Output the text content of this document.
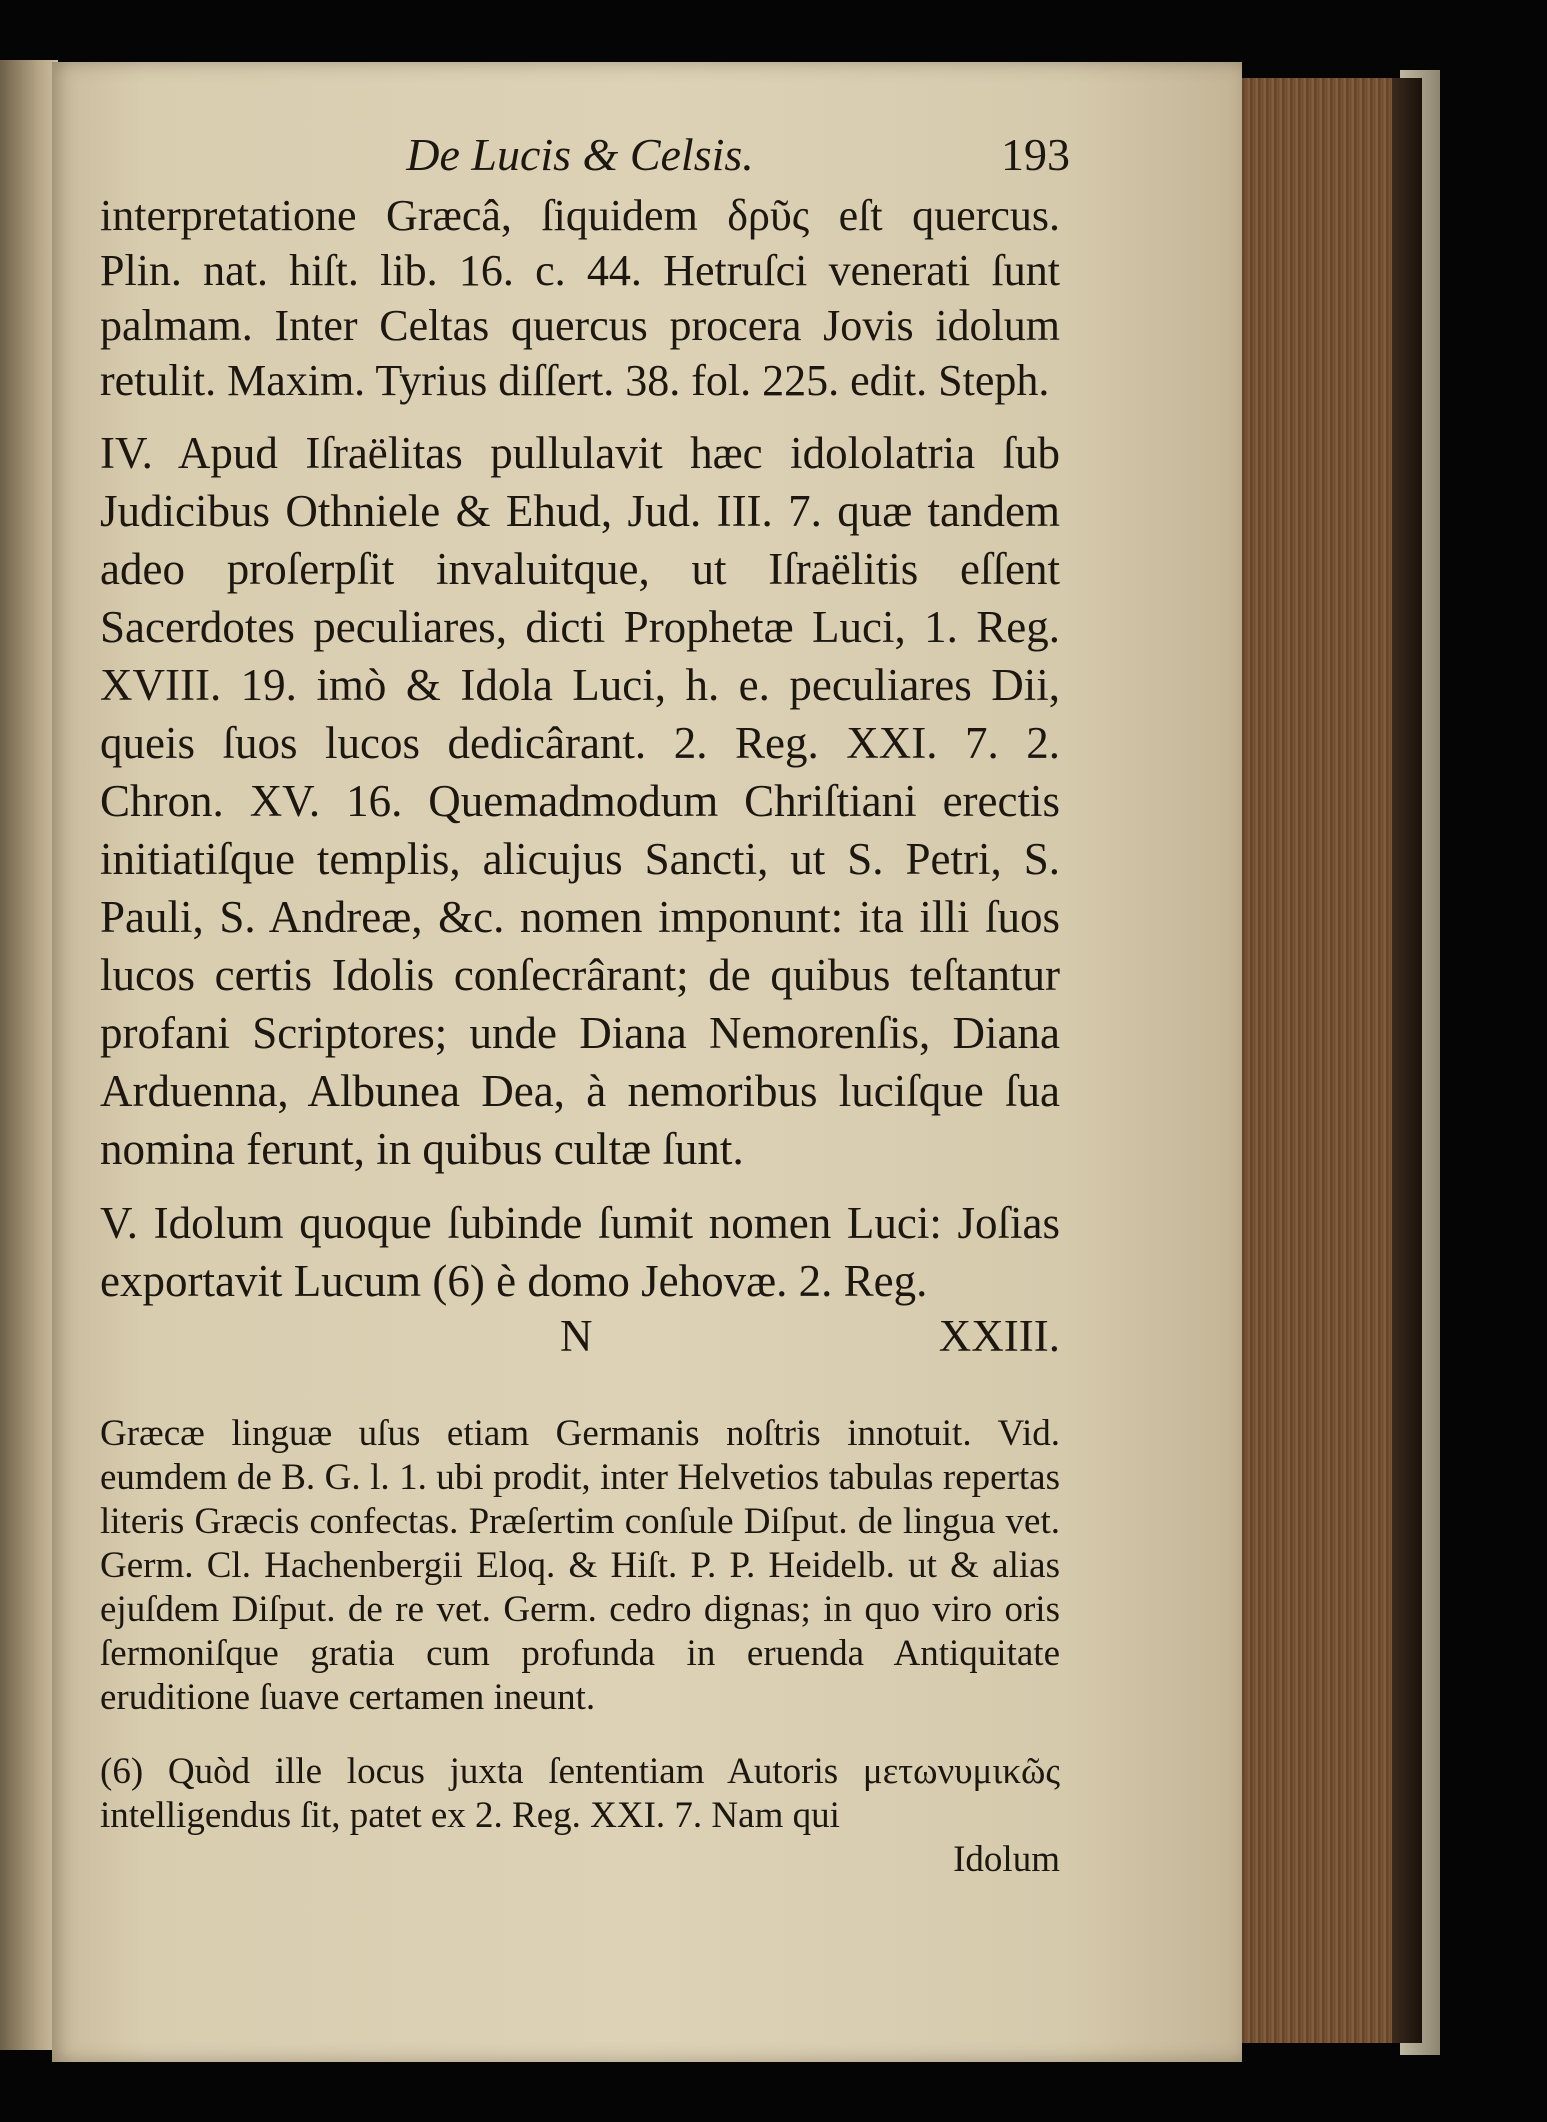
De Lucis & Celsis.	193

interpretatione Græcâ, ſiquidem δρῦς eſt quercus. Plin. nat. hiſt. lib. 16. c. 44. Hetruſci venerati ſunt palmam. Inter Celtas quercus procera Jovis idolum retulit. Maxim. Tyrius diſſert. 38. fol. 225. edit. Steph.

IV. Apud Iſraëlitas pullulavit hæc idololatria ſub Judicibus Othniele & Ehud, Jud. III. 7. quæ tandem adeo proſerpſit invaluitque, ut Iſraëlitis eſſent Sacerdotes peculiares, dicti Prophetæ Luci, 1. Reg. XVIII. 19. imò & Idola Luci, h. e. peculiares Dii, queis ſuos lucos dedicârant. 2. Reg. XXI. 7. 2. Chron. XV. 16. Quemadmodum Chriſtiani erectis initiatiſque templis, alicujus Sancti, ut S. Petri, S. Pauli, S. Andreæ, &c. nomen imponunt: ita illi ſuos lucos certis Idolis conſecrârant; de quibus teſtantur profani Scriptores; unde Diana Nemorenſis, Diana Arduenna, Albunea Dea, à nemoribus luciſque ſua nomina ferunt, in quibus cultæ ſunt.

V. Idolum quoque ſubinde ſumit nomen Luci: Joſias exportavit Lucum (6) è domo Jehovæ. 2. Reg.

N	XXIII.

Græcæ linguæ uſus etiam Germanis noſtris innotuit. Vid. eumdem de B. G. l. 1. ubi prodit, inter Helvetios tabulas repertas literis Græcis confectas. Præſertim conſule Diſput. de lingua vet. Germ. Cl. Hachenbergii Eloq. & Hiſt. P. P. Heidelb. ut & alias ejuſdem Diſput. de re vet. Germ. cedro dignas; in quo viro oris ſermoniſque gratia cum profunda in eruenda Antiquitate eruditione ſuave certamen ineunt.

(6) Quòd ille locus juxta ſententiam Autoris μετωνυμικῶς intelligendus ſit, patet ex 2. Reg. XXI. 7. Nam qui

Idolum
